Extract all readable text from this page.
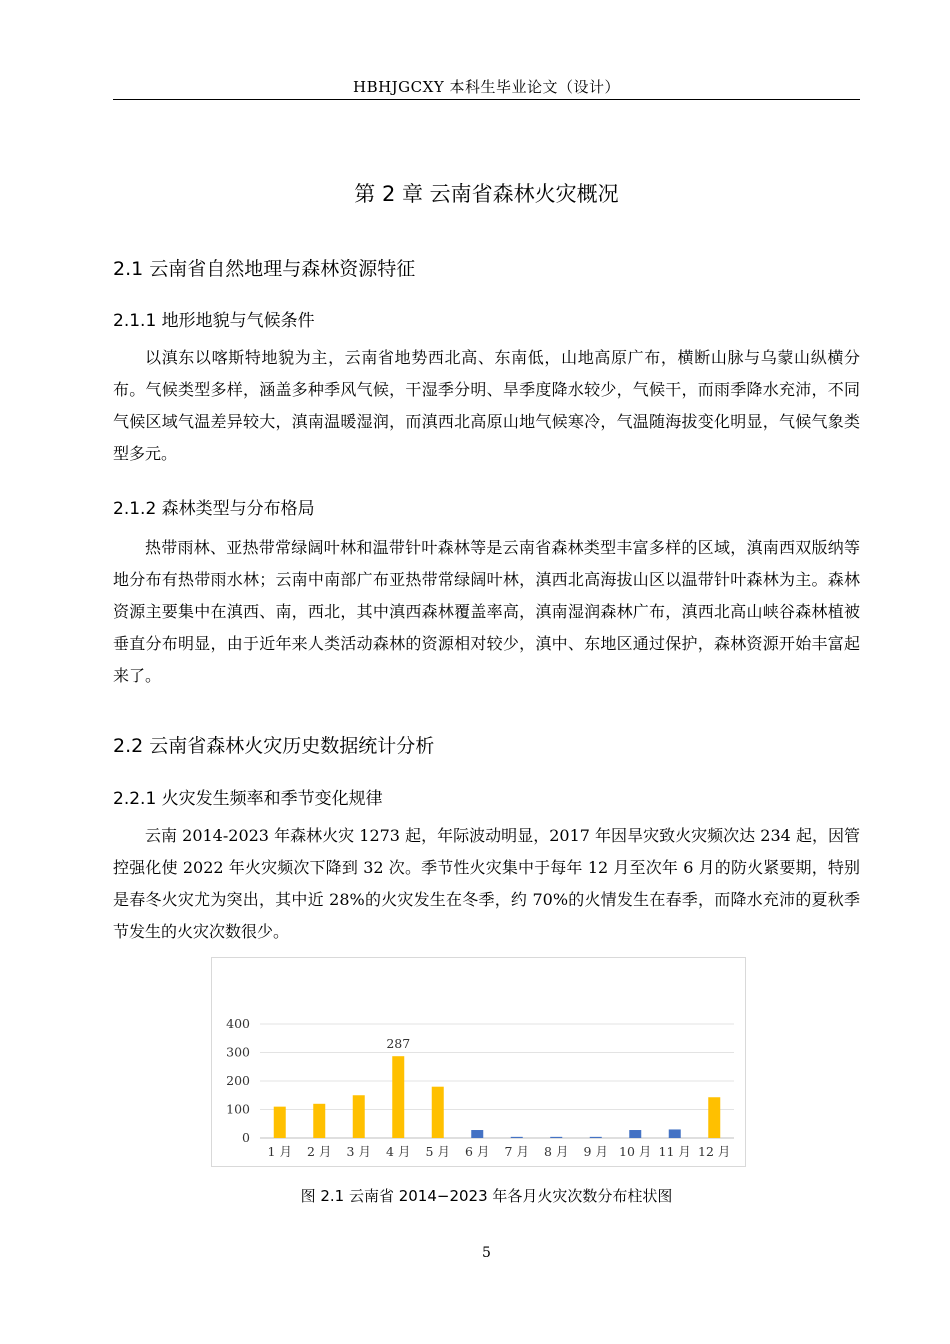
HBHJGCXY 本科生毕业论文（设计）
第 2 章 云南省森林火灾概况
2.1 云南省自然地理与森林资源特征
2.1.1 地形地貌与气候条件

以滇东以喀斯特地貌为主，云南省地势西北高、东南低，山地高原广布，横断山脉与乌蒙山纵横分布。气候类型多样，涵盖多种季风气候，干湿季分明、旱季度降水较少，气候干，而雨季降水充沛，不同气候区域气温差异较大，滇南温暖湿润，而滇西北高原山地气候寒冷，气温随海拔变化明显，气候气象类型多元。

2.1.2 森林类型与分布格局

热带雨林、亚热带常绿阔叶林和温带针叶森林等是云南省森林类型丰富多样的区域，滇南西双版纳等地分布有热带雨水林；云南中南部广布亚热带常绿阔叶林，滇西北高海拔山区以温带针叶森林为主。森林资源主要集中在滇西、南，西北，其中滇西森林覆盖率高，滇南湿润森林广布，滇西北高山峡谷森林植被垂直分布明显，由于近年来人类活动森林的资源相对较少，滇中、东地区通过保护，森林资源开始丰富起来了。

2.2 云南省森林火灾历史数据统计分析
2.2.1 火灾发生频率和季节变化规律

云南 2014-2023 年森林火灾 1273 起，年际波动明显，2017 年因旱灾致火灾频次达 234 起，因管控强化使 2022 年火灾频次下降到 32 次。季节性火灾集中于每年 12 月至次年 6 月的防火紧要期，特别是春冬火灾尤为突出，其中近 28%的火灾发生在冬季，约 70%的火情发生在春季，而降水充沛的夏秋季节发生的火灾次数很少。

0
100
200
300
400
1 月 2 月 3 月 4 月 5 月 6 月 7 月 8 月 9 月 10 月 11 月 12 月
287
图 2.1 云南省 2014−2023 年各月火灾次数分布柱状图
5
